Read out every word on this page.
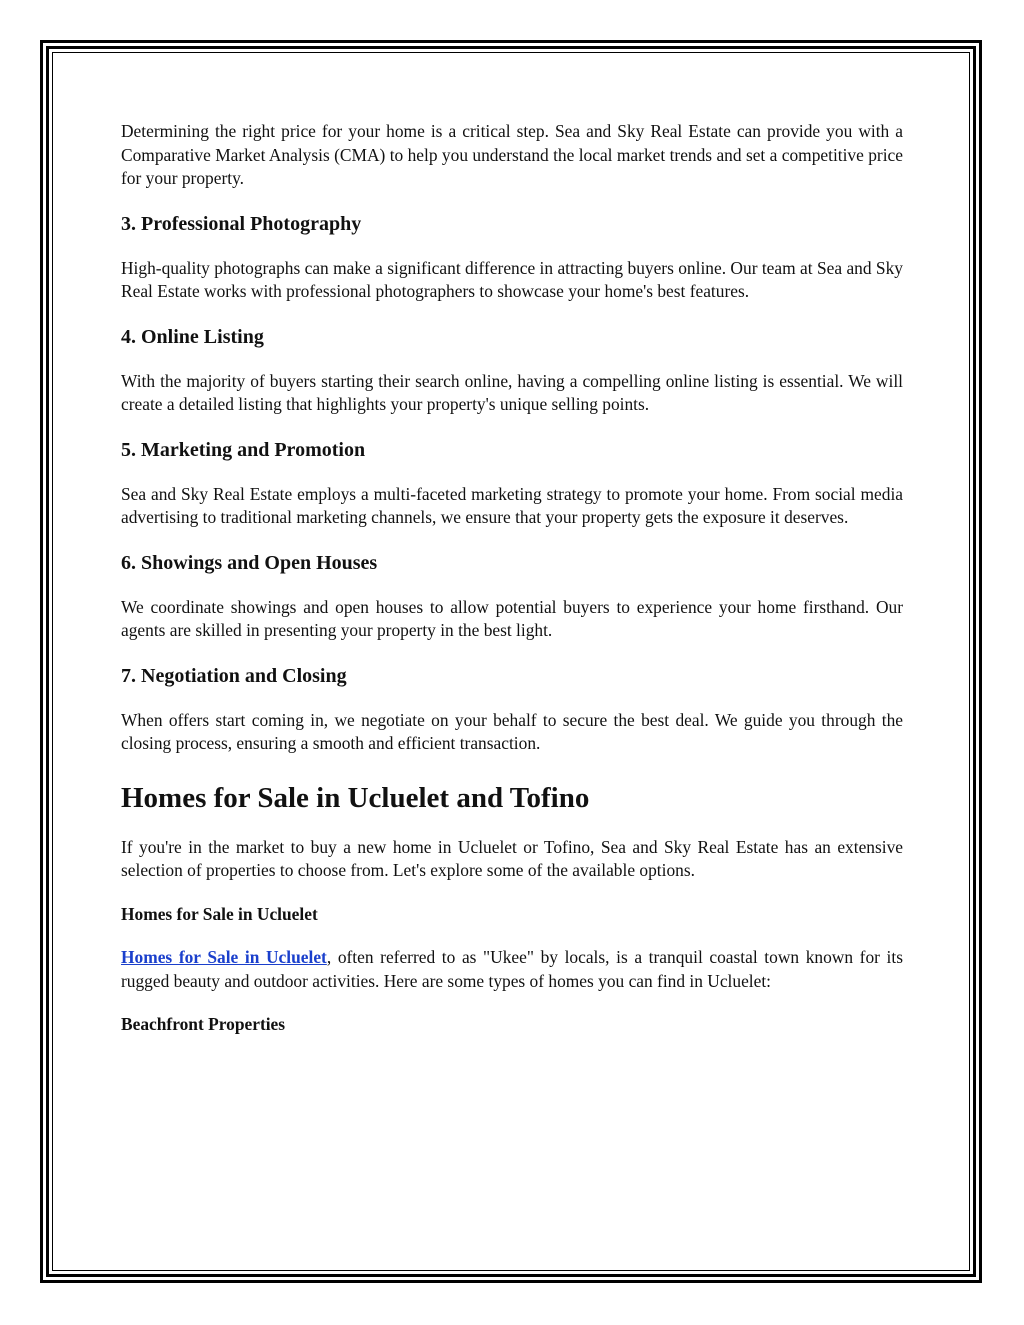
Determining the right price for your home is a critical step. Sea and Sky Real Estate can provide you with a Comparative Market Analysis (CMA) to help you understand the local market trends and set a competitive price for your property.

3. Professional Photography

High-quality photographs can make a significant difference in attracting buyers online. Our team at Sea and Sky Real Estate works with professional photographers to showcase your home's best features.

4. Online Listing

With the majority of buyers starting their search online, having a compelling online listing is essential. We will create a detailed listing that highlights your property's unique selling points.

5. Marketing and Promotion

Sea and Sky Real Estate employs a multi-faceted marketing strategy to promote your home. From social media advertising to traditional marketing channels, we ensure that your property gets the exposure it deserves.

6. Showings and Open Houses

We coordinate showings and open houses to allow potential buyers to experience your home firsthand. Our agents are skilled in presenting your property in the best light.

7. Negotiation and Closing

When offers start coming in, we negotiate on your behalf to secure the best deal. We guide you through the closing process, ensuring a smooth and efficient transaction.

Homes for Sale in Ucluelet and Tofino

If you're in the market to buy a new home in Ucluelet or Tofino, Sea and Sky Real Estate has an extensive selection of properties to choose from. Let's explore some of the available options.

Homes for Sale in Ucluelet

Homes for Sale in Ucluelet, often referred to as "Ukee" by locals, is a tranquil coastal town known for its rugged beauty and outdoor activities. Here are some types of homes you can find in Ucluelet:

Beachfront Properties
